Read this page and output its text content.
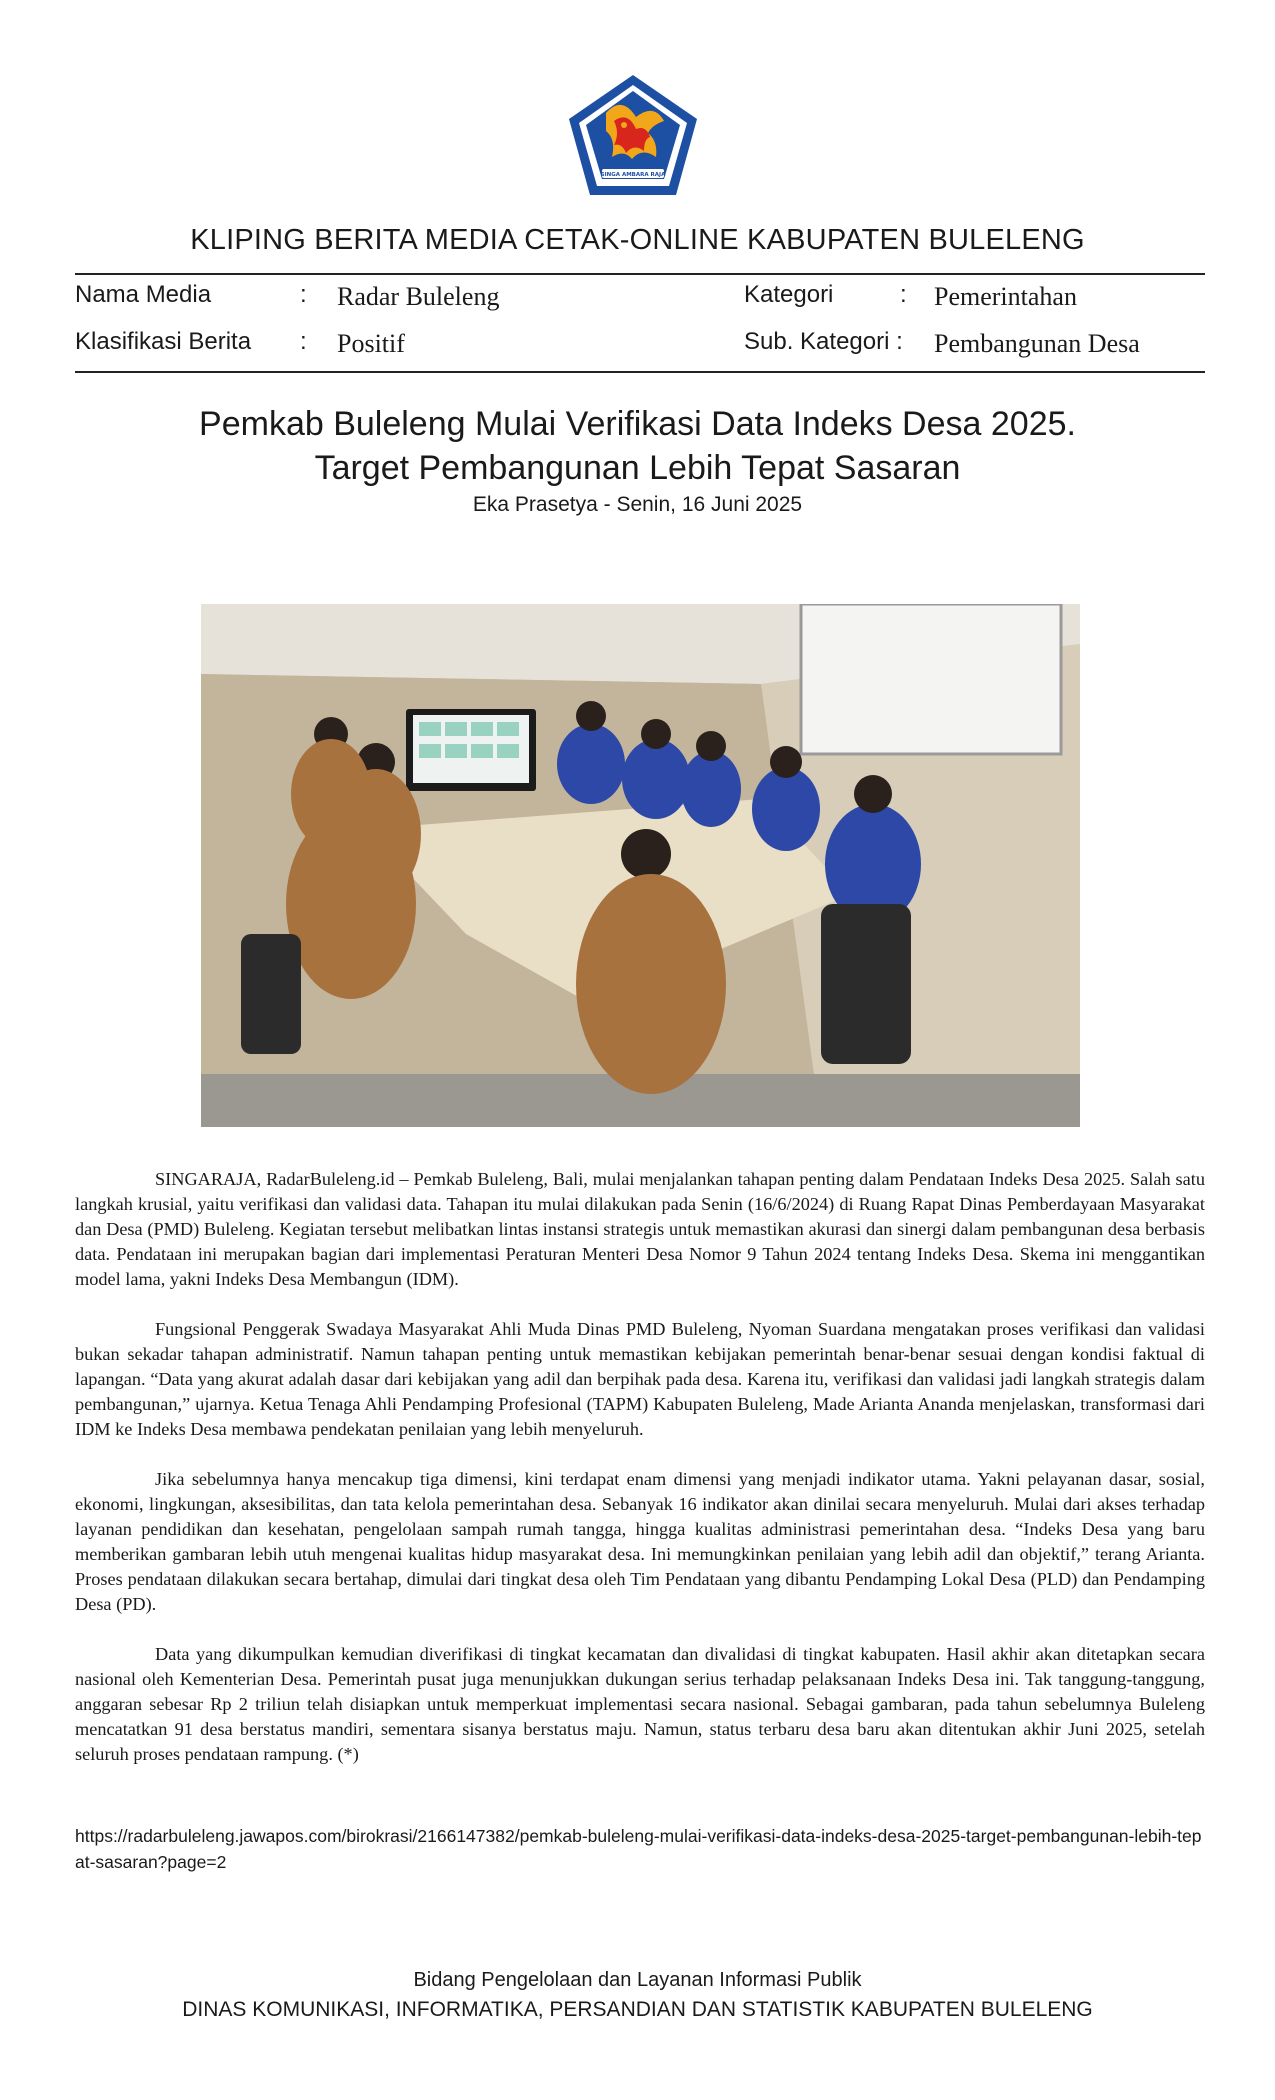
SINGA AMBARA RAJA
KLIPING BERITA MEDIA CETAK-ONLINE KABUPATEN BULELENG
Nama Media	: Radar Buleleng	Kategori	: Pemerintahan
Klasifikasi Berita : Positif	Sub. Kategori : Pembangunan Desa
Pemkab Buleleng Mulai Verifikasi Data Indeks Desa 2025.
Target Pembangunan Lebih Tepat Sasaran
Eka Prasetya - Senin, 16 Juni 2025

SINGARAJA, RadarBuleleng.id – Pemkab Buleleng, Bali, mulai menjalankan tahapan penting dalam Pendataan Indeks Desa 2025. Salah satu langkah krusial, yaitu verifikasi dan validasi data. Tahapan itu mulai dilakukan pada Senin (16/6/2024) di Ruang Rapat Dinas Pemberdayaan Masyarakat dan Desa (PMD) Buleleng. Kegiatan tersebut melibatkan lintas instansi strategis untuk memastikan akurasi dan sinergi dalam pembangunan desa berbasis data. Pendataan ini merupakan bagian dari implementasi Peraturan Menteri Desa Nomor 9 Tahun 2024 tentang Indeks Desa. Skema ini menggantikan model lama, yakni Indeks Desa Membangun (IDM).

Fungsional Penggerak Swadaya Masyarakat Ahli Muda Dinas PMD Buleleng, Nyoman Suardana mengatakan proses verifikasi dan validasi bukan sekadar tahapan administratif. Namun tahapan penting untuk memastikan kebijakan pemerintah benar-benar sesuai dengan kondisi faktual di lapangan. “Data yang akurat adalah dasar dari kebijakan yang adil dan berpihak pada desa. Karena itu, verifikasi dan validasi jadi langkah strategis dalam pembangunan,” ujarnya. Ketua Tenaga Ahli Pendamping Profesional (TAPM) Kabupaten Buleleng, Made Arianta Ananda menjelaskan, transformasi dari IDM ke Indeks Desa membawa pendekatan penilaian yang lebih menyeluruh.

Jika sebelumnya hanya mencakup tiga dimensi, kini terdapat enam dimensi yang menjadi indikator utama. Yakni pelayanan dasar, sosial, ekonomi, lingkungan, aksesibilitas, dan tata kelola pemerintahan desa. Sebanyak 16 indikator akan dinilai secara menyeluruh. Mulai dari akses terhadap layanan pendidikan dan kesehatan, pengelolaan sampah rumah tangga, hingga kualitas administrasi pemerintahan desa. “Indeks Desa yang baru memberikan gambaran lebih utuh mengenai kualitas hidup masyarakat desa. Ini memungkinkan penilaian yang lebih adil dan objektif,” terang Arianta. Proses pendataan dilakukan secara bertahap, dimulai dari tingkat desa oleh Tim Pendataan yang dibantu Pendamping Lokal Desa (PLD) dan Pendamping Desa (PD).

Data yang dikumpulkan kemudian diverifikasi di tingkat kecamatan dan divalidasi di tingkat kabupaten. Hasil akhir akan ditetapkan secara nasional oleh Kementerian Desa. Pemerintah pusat juga menunjukkan dukungan serius terhadap pelaksanaan Indeks Desa ini. Tak tanggung-tanggung, anggaran sebesar Rp 2 triliun telah disiapkan untuk memperkuat implementasi secara nasional. Sebagai gambaran, pada tahun sebelumnya Buleleng mencatatkan 91 desa berstatus mandiri, sementara sisanya berstatus maju. Namun, status terbaru desa baru akan ditentukan akhir Juni 2025, setelah seluruh proses pendataan rampung. (*)

https://radarbuleleng.jawapos.com/birokrasi/2166147382/pemkab-buleleng-mulai-verifikasi-data-indeks-desa-2025-target-pembangunan-lebih-tepat-sasaran?page=2
Bidang Pengelolaan dan Layanan Informasi Publik
DINAS KOMUNIKASI, INFORMATIKA, PERSANDIAN DAN STATISTIK KABUPATEN BULELENG
